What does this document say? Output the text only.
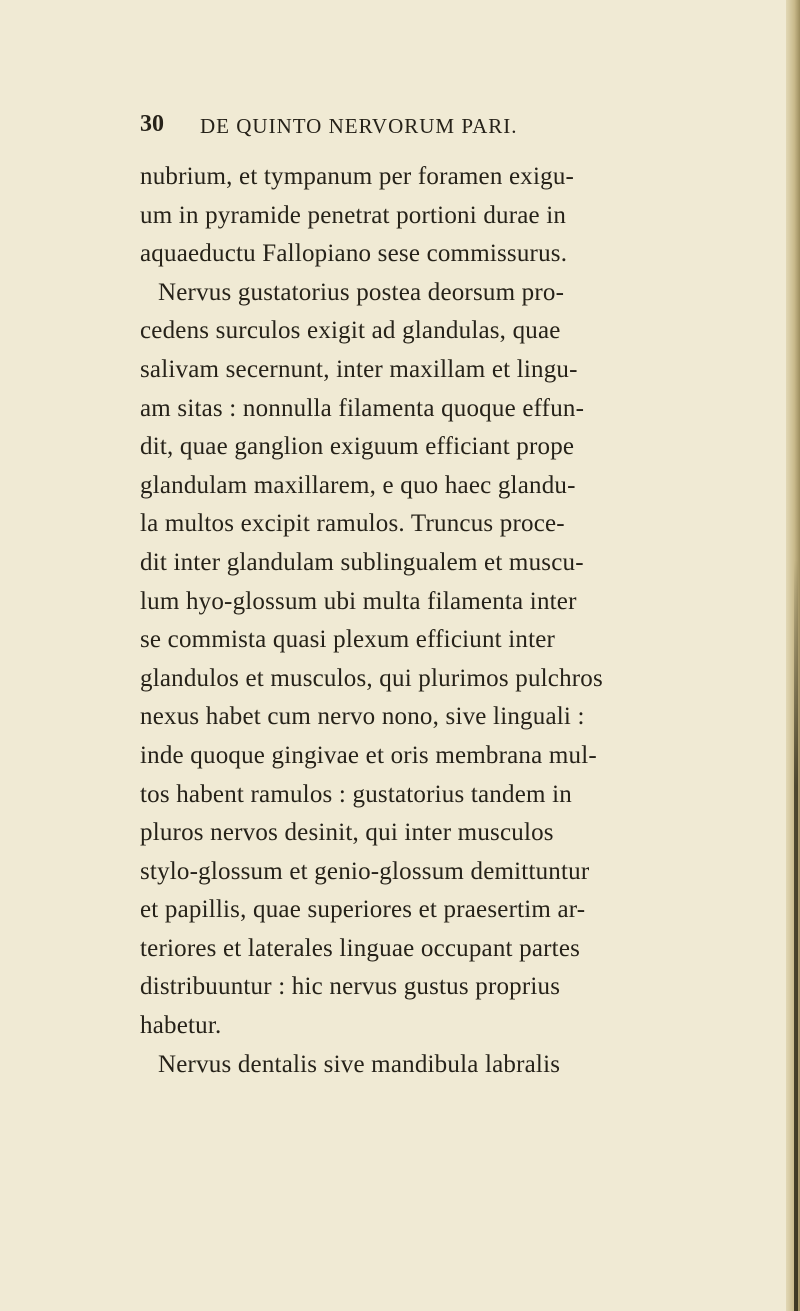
30 DE QUINTO NERVORUM PARI.
nubrium, et tympanum per foramen exigu-
um in pyramide penetrat portioni durae in
aquaeductu Fallopiano sese commissurus.
Nervus gustatorius postea deorsum pro-
cedens surculos exigit ad glandulas, quae
salivam secernunt, inter maxillam et lingu-
am sitas : nonnulla filamenta quoque effun-
dit, quae ganglion exiguum efficiant prope
glandulam maxillarem, e quo haec glandu-
la multos excipit ramulos. Truncus proce-
dit inter glandulam sublingualem et muscu-
lum hyo-glossum ubi multa filamenta inter
se commista quasi plexum efficiunt inter
glandulos et musculos, qui plurimos pulchros
nexus habet cum nervo nono, sive linguali :
inde quoque gingivae et oris membrana mul-
tos habent ramulos : gustatorius tandem in
pluros nervos desinit, qui inter musculos
stylo-glossum et genio-glossum demittuntur
et papillis, quae superiores et praesertim ar-
teriores et laterales linguae occupant partes
distribuuntur : hic nervus gustus proprius
habetur.
Nervus dentalis sive mandibula labralis
